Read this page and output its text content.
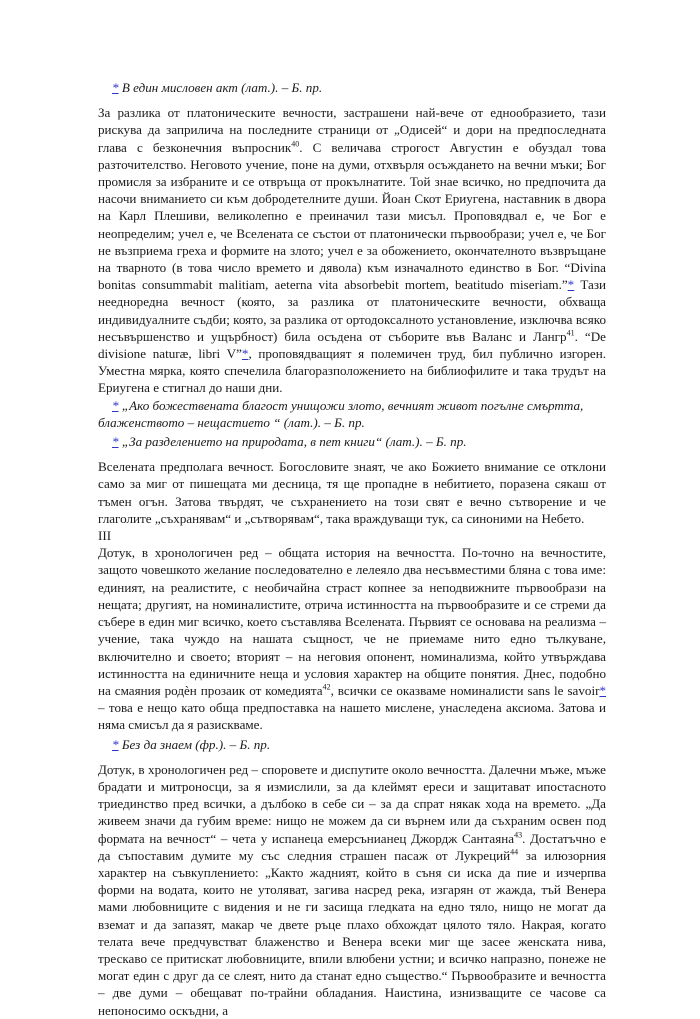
* В един мисловен акт (лат.). – Б. пр.

За разлика от платоническите вечности, застрашени най-вече от еднообразието, тази рискува да заприлича на последните страници от „Одисей“ и дори на предпоследната глава с безконечния въпросник$^{40}$. С величава строгост Августин е обуздал това разточителство. Неговото учение, поне на думи, отхвърля осъждането на вечни мъки; Бог промисля за избраните и се отвръща от прокълнатите. Той знае всичко, но предпочита да насочи вниманието си към добродетелните души. Йоан Скот Ериугена, наставник в двора на Карл Плешиви, великолепно е преиначил тази мисъл. Проповядвал е, че Бог е неопределим; учел е, че Вселената се състои от платонически първообрази; учел е, че Бог не възприема греха и формите на злото; учел е за обожението, окончателното възвръщане на тварното (в това число времето и дявола) към изначалното единство в Бог. “Divina bonitas consummabit malitiam, aeterna vita absorbebit mortem, beatitudo miseriam.”* Тази неедноредна вечност (която, за разлика от платоническите вечности, обхваща индивидуалните съдби; която, за разлика от ортодоксалното установление, изключва всяко несъвършенство и ущърбност) била осъдена от съборите във Валанс и Лангр$^{41}$. “De divisione naturæ, libri V”*, проповядващият я полемичен труд, бил публично изгорен. Уместна мярка, която спечелила благоразположението на библиофилите и така трудът на Ериугена е стигнал до наши дни.

* „Ако божествената благост унищожи злото, вечният живот погълне смъртта, блаженството – нещастието “ (лат.). – Б. пр.

* „За разделението на природата, в пет книги“ (лат.). – Б. пр.

Вселената предполага вечност. Богословите знаят, че ако Божието внимание се отклони само за миг от пишещата ми десница, тя ще пропадне в небитието, поразена сякаш от тъмен огън. Затова твърдят, че съхранението на този свят е вечно сътворение и че глаголите „съхранявам“ и „сътворявам“, така враждуващи тук, са синоними на Небето.

III

Дотук, в хронологичен ред – общата история на вечността. По-точно на вечностите, защото човешкото желание последователно е лелеяло два несъвместими бляна с това име: единият, на реалистите, с необичайна страст копнее за неподвижните първообрази на нещата; другият, на номиналистите, отрича истинността на първообразите и се стреми да събере в един миг всичко, което съставлява Вселената. Първият се основава на реализма – учение, така чуждо на нашата същност, че не приемаме нито едно тълкуване, включително и своето; вторият – на неговия опонент, номинализма, който утвърждава истинността на единичните неща и условия характер на общите понятия. Днес, подобно на смаяния родѐн прозаик от комедията$^{42}$, всички се оказваме номиналисти sans le savoir* – това е нещо като обща предпоставка на нашето мислене, унаследена аксиома. Затова и няма смисъл да я разискваме.

* Без да знаем (фр.). – Б. пр.

Дотук, в хронологичен ред – споровете и диспутите около вечността. Далечни мъже, мъже брадати и митроносци, за я измислили, за да клеймят ереси и защитават ипостасното триединство пред всички, а дълбоко в себе си – за да спрат някак хода на времето. „Да живеем значи да губим време: нищо не можем да си върнем или да съхраним освен под формата на вечност“ – чета у испанеца емерсънианец Джордж Сантаяна$^{43}$. Достатъчно е да съпоставим думите му със следния страшен пасаж от Лукреций$^{44}$ за илюзорния характер на съвкуплението: „Както жадният, който в съня си иска да пие и изчерпва форми на водата, които не утоляват, загива насред река, изгарян от жажда, тъй Венера мами любовниците с видения и не ги засища гледката на едно тяло, нищо не могат да вземат и да запазят, макар че двете ръце плахо обхождат цялото тяло. Накрая, когато телата вече предчувстват блаженство и Венера всеки миг ще засее женската нива, трескаво се притискат любовниците, впили влюбени устни; и всичко напразно, понеже не могат един с друг да се слеят, нито да станат едно същество.“ Първообразите и вечността – две думи – обещават по-трайни обладания. Наистина, изнизващите се часове са непоносимо оскъдни, а
